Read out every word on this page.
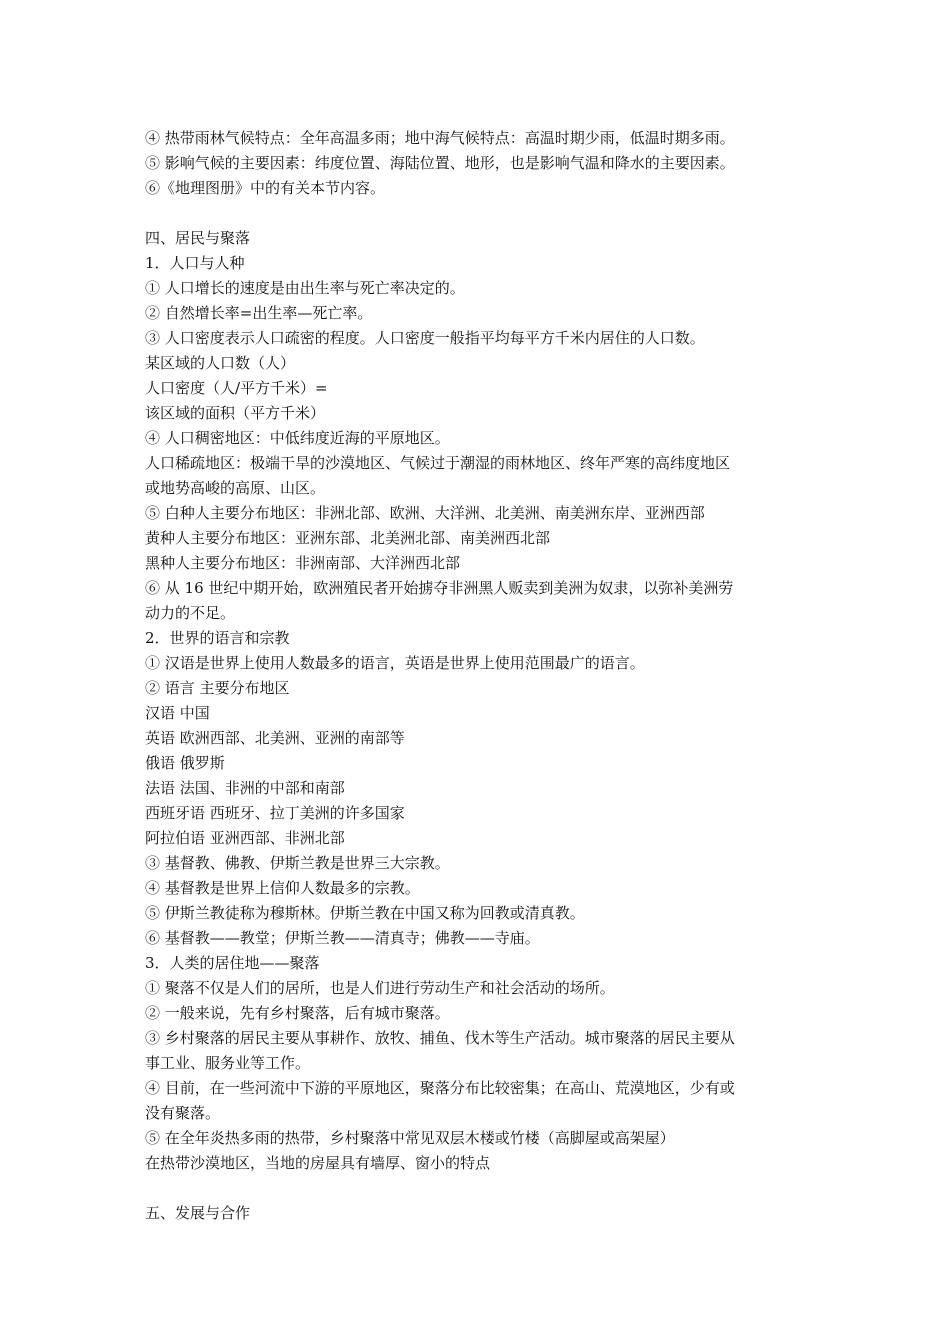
④ 热带雨林气候特点：全年高温多雨；地中海气候特点：高温时期少雨，低温时期多雨。
⑤ 影响气候的主要因素：纬度位置、海陆位置、地形，也是影响气温和降水的主要因素。
⑥《地理图册》中的有关本节内容。
四、居民与聚落
1．人口与人种
① 人口增长的速度是由出生率与死亡率决定的。
② 自然增长率=出生率—死亡率。
③ 人口密度表示人口疏密的程度。人口密度一般指平均每平方千米内居住的人口数。
某区域的人口数（人）
人口密度（人/平方千米）=
该区域的面积（平方千米）
④ 人口稠密地区：中低纬度近海的平原地区。
人口稀疏地区：极端干旱的沙漠地区、气候过于潮湿的雨林地区、终年严寒的高纬度地区
或地势高峻的高原、山区。
⑤ 白种人主要分布地区：非洲北部、欧洲、大洋洲、北美洲、南美洲东岸、亚洲西部
黄种人主要分布地区：亚洲东部、北美洲北部、南美洲西北部
黑种人主要分布地区：非洲南部、大洋洲西北部
⑥ 从 16 世纪中期开始，欧洲殖民者开始掳夺非洲黑人贩卖到美洲为奴隶，以弥补美洲劳
动力的不足。
2．世界的语言和宗教
① 汉语是世界上使用人数最多的语言，英语是世界上使用范围最广的语言。
② 语言 主要分布地区
汉语 中国
英语 欧洲西部、北美洲、亚洲的南部等
俄语 俄罗斯
法语 法国、非洲的中部和南部
西班牙语 西班牙、拉丁美洲的许多国家
阿拉伯语 亚洲西部、非洲北部
③ 基督教、佛教、伊斯兰教是世界三大宗教。
④ 基督教是世界上信仰人数最多的宗教。
⑤ 伊斯兰教徒称为穆斯林。伊斯兰教在中国又称为回教或清真教。
⑥ 基督教——教堂；伊斯兰教——清真寺；佛教——寺庙。
3．人类的居住地——聚落
① 聚落不仅是人们的居所，也是人们进行劳动生产和社会活动的场所。
② 一般来说，先有乡村聚落，后有城市聚落。
③ 乡村聚落的居民主要从事耕作、放牧、捕鱼、伐木等生产活动。城市聚落的居民主要从
事工业、服务业等工作。
④ 目前，在一些河流中下游的平原地区，聚落分布比较密集；在高山、荒漠地区，少有或
没有聚落。
⑤ 在全年炎热多雨的热带，乡村聚落中常见双层木楼或竹楼（高脚屋或高架屋）
在热带沙漠地区，当地的房屋具有墙厚、窗小的特点
五、发展与合作
